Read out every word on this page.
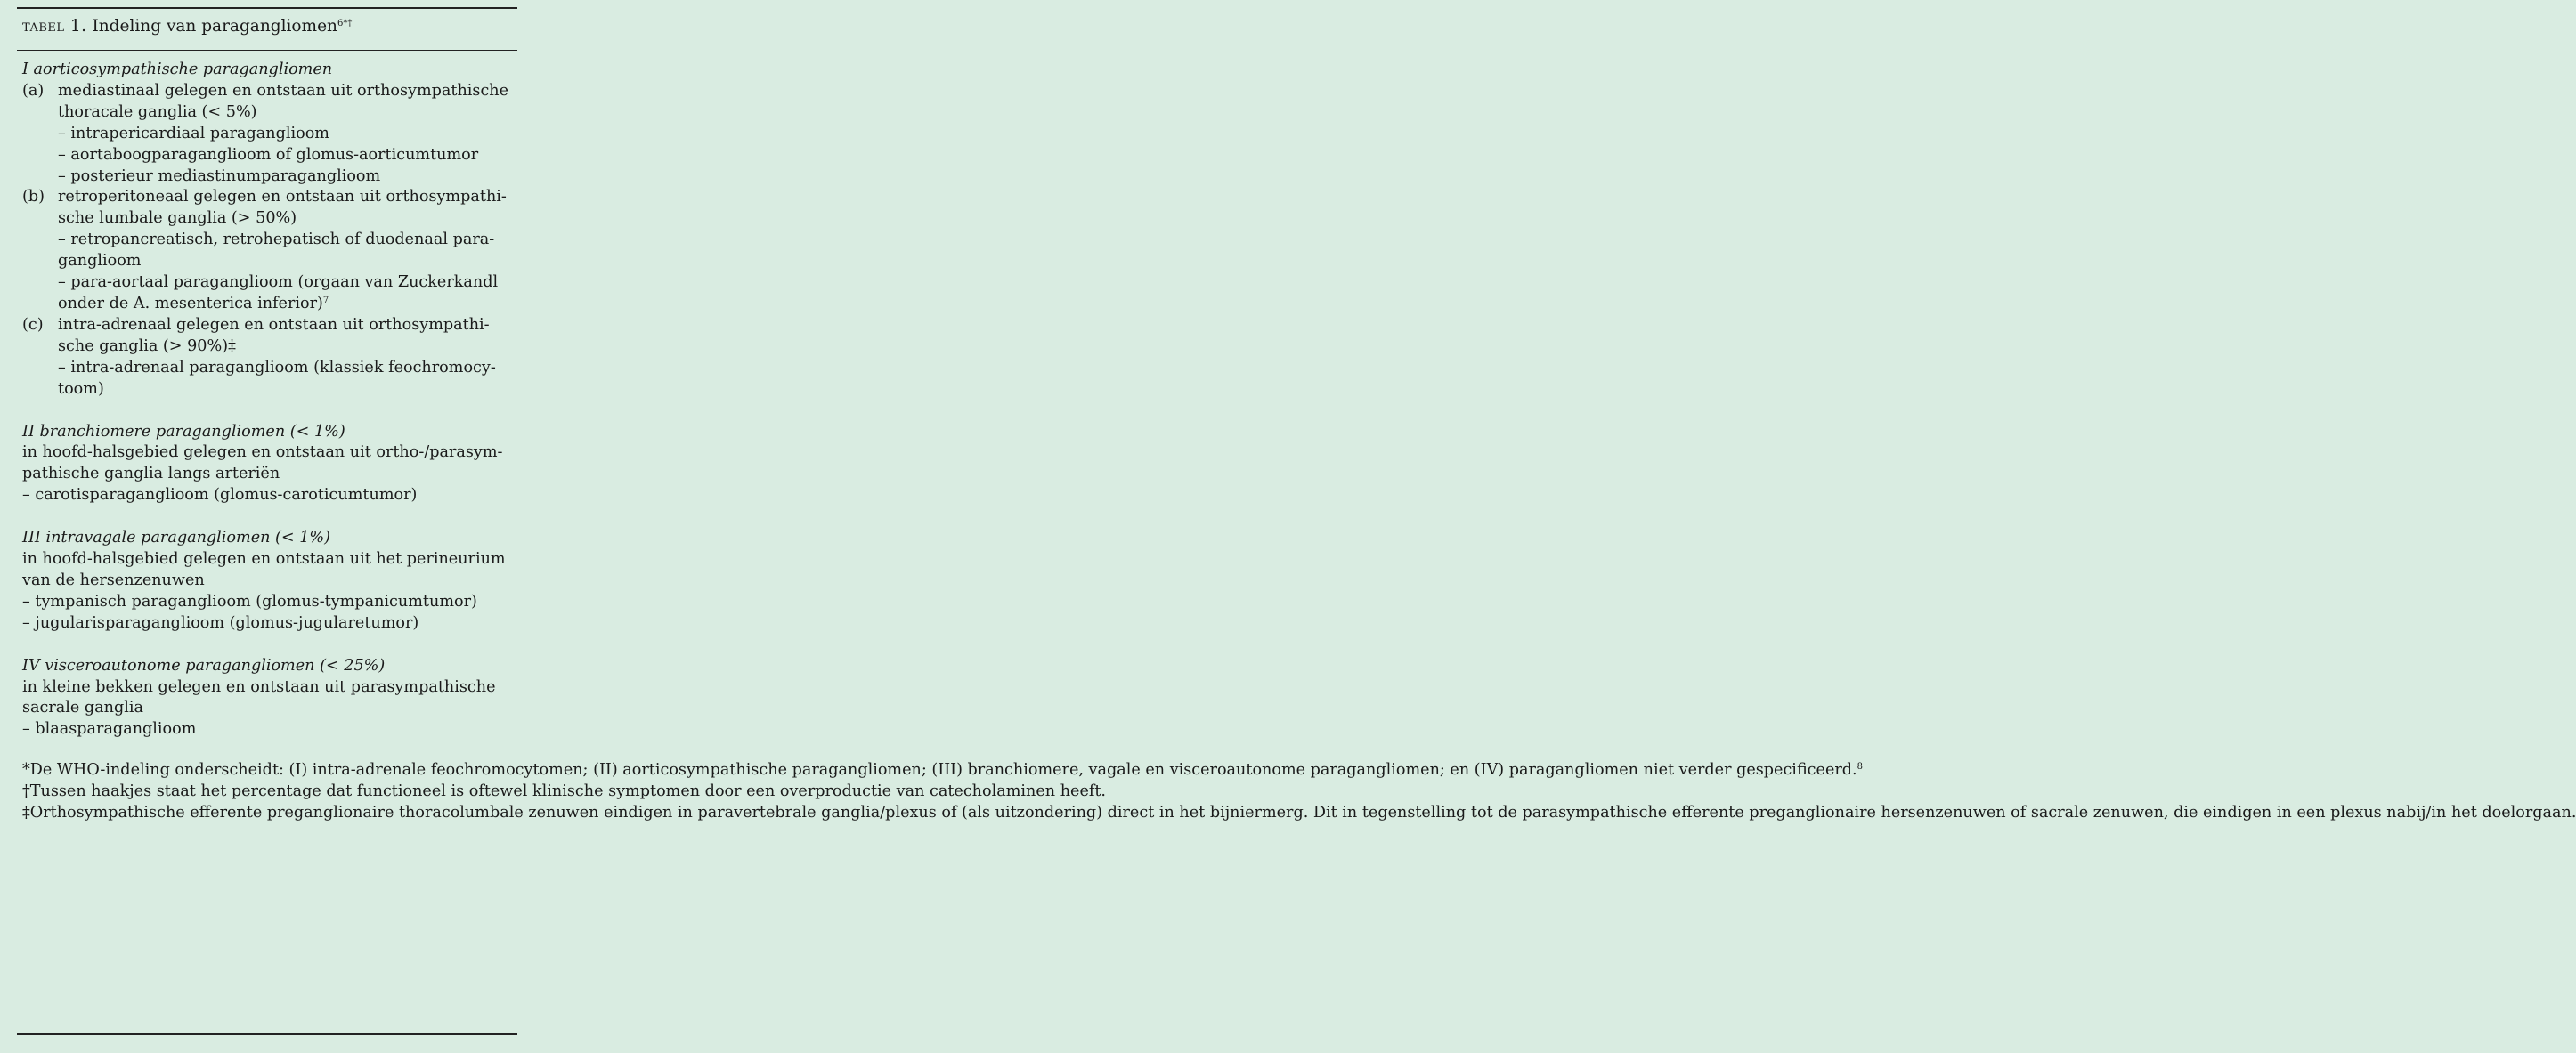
tabel 1. Indeling van paragangliomen$^{6*\dagger}$
I aorticosympathische paragangliomen
(a) mediastinaal gelegen en ontstaan uit orthosympathische
thoracale ganglia (< 5%)
– intrapericardiaal paraganglioom
– aortaboogparaganglioom of glomus-aorticumtumor
– posterieur mediastinumparaganglioom
(b) retroperitoneaal gelegen en ontstaan uit orthosympathi-
sche lumbale ganglia (> 50%)
– retropancreatisch, retrohepatisch of duodenaal para-
ganglioom
– para-aortaal paraganglioom (orgaan van Zuckerkandl
onder de A. mesenterica inferior)$^7$
(c) intra-adrenaal gelegen en ontstaan uit orthosympathi-
sche ganglia (> 90%)‡
– intra-adrenaal paraganglioom (klassiek feochromocy-
toom)
II branchiomere paragangliomen (< 1%)
in hoofd-halsgebied gelegen en ontstaan uit ortho-/parasym-
pathische ganglia langs arteriën
– carotisparaganglioom (glomus-caroticumtumor)
III intravagale paragangliomen (< 1%)
in hoofd-halsgebied gelegen en ontstaan uit het perineurium
van de hersenzenuwen
– tympanisch paraganglioom (glomus-tympanicumtumor)
– jugularisparaganglioom (glomus-jugularetumor)
IV visceroautonome paragangliomen (< 25%)
in kleine bekken gelegen en ontstaan uit parasympathische
sacrale ganglia
– blaasparaganglioom
*De WHO-indeling onderscheidt: (I) intra-adrenale feochromocytomen; (II) aorticosympathische paragangliomen; (III) branchiomere, vagale en visceroautonome paragangliomen; en (IV) paragangliomen niet verder gespecificeerd.$^8$
†Tussen haakjes staat het percentage dat functioneel is oftewel klinische symptomen door een overproductie van catecholaminen heeft.
‡Orthosympathische efferente preganglionaire thoracolumbale zenuwen eindigen in paravertebrale ganglia/plexus of (als uitzondering) direct in het bijniermerg. Dit in tegenstelling tot de parasympathische efferente preganglionaire hersenzenuwen of sacrale zenuwen, die eindigen in een plexus nabij/in het doelorgaan.
